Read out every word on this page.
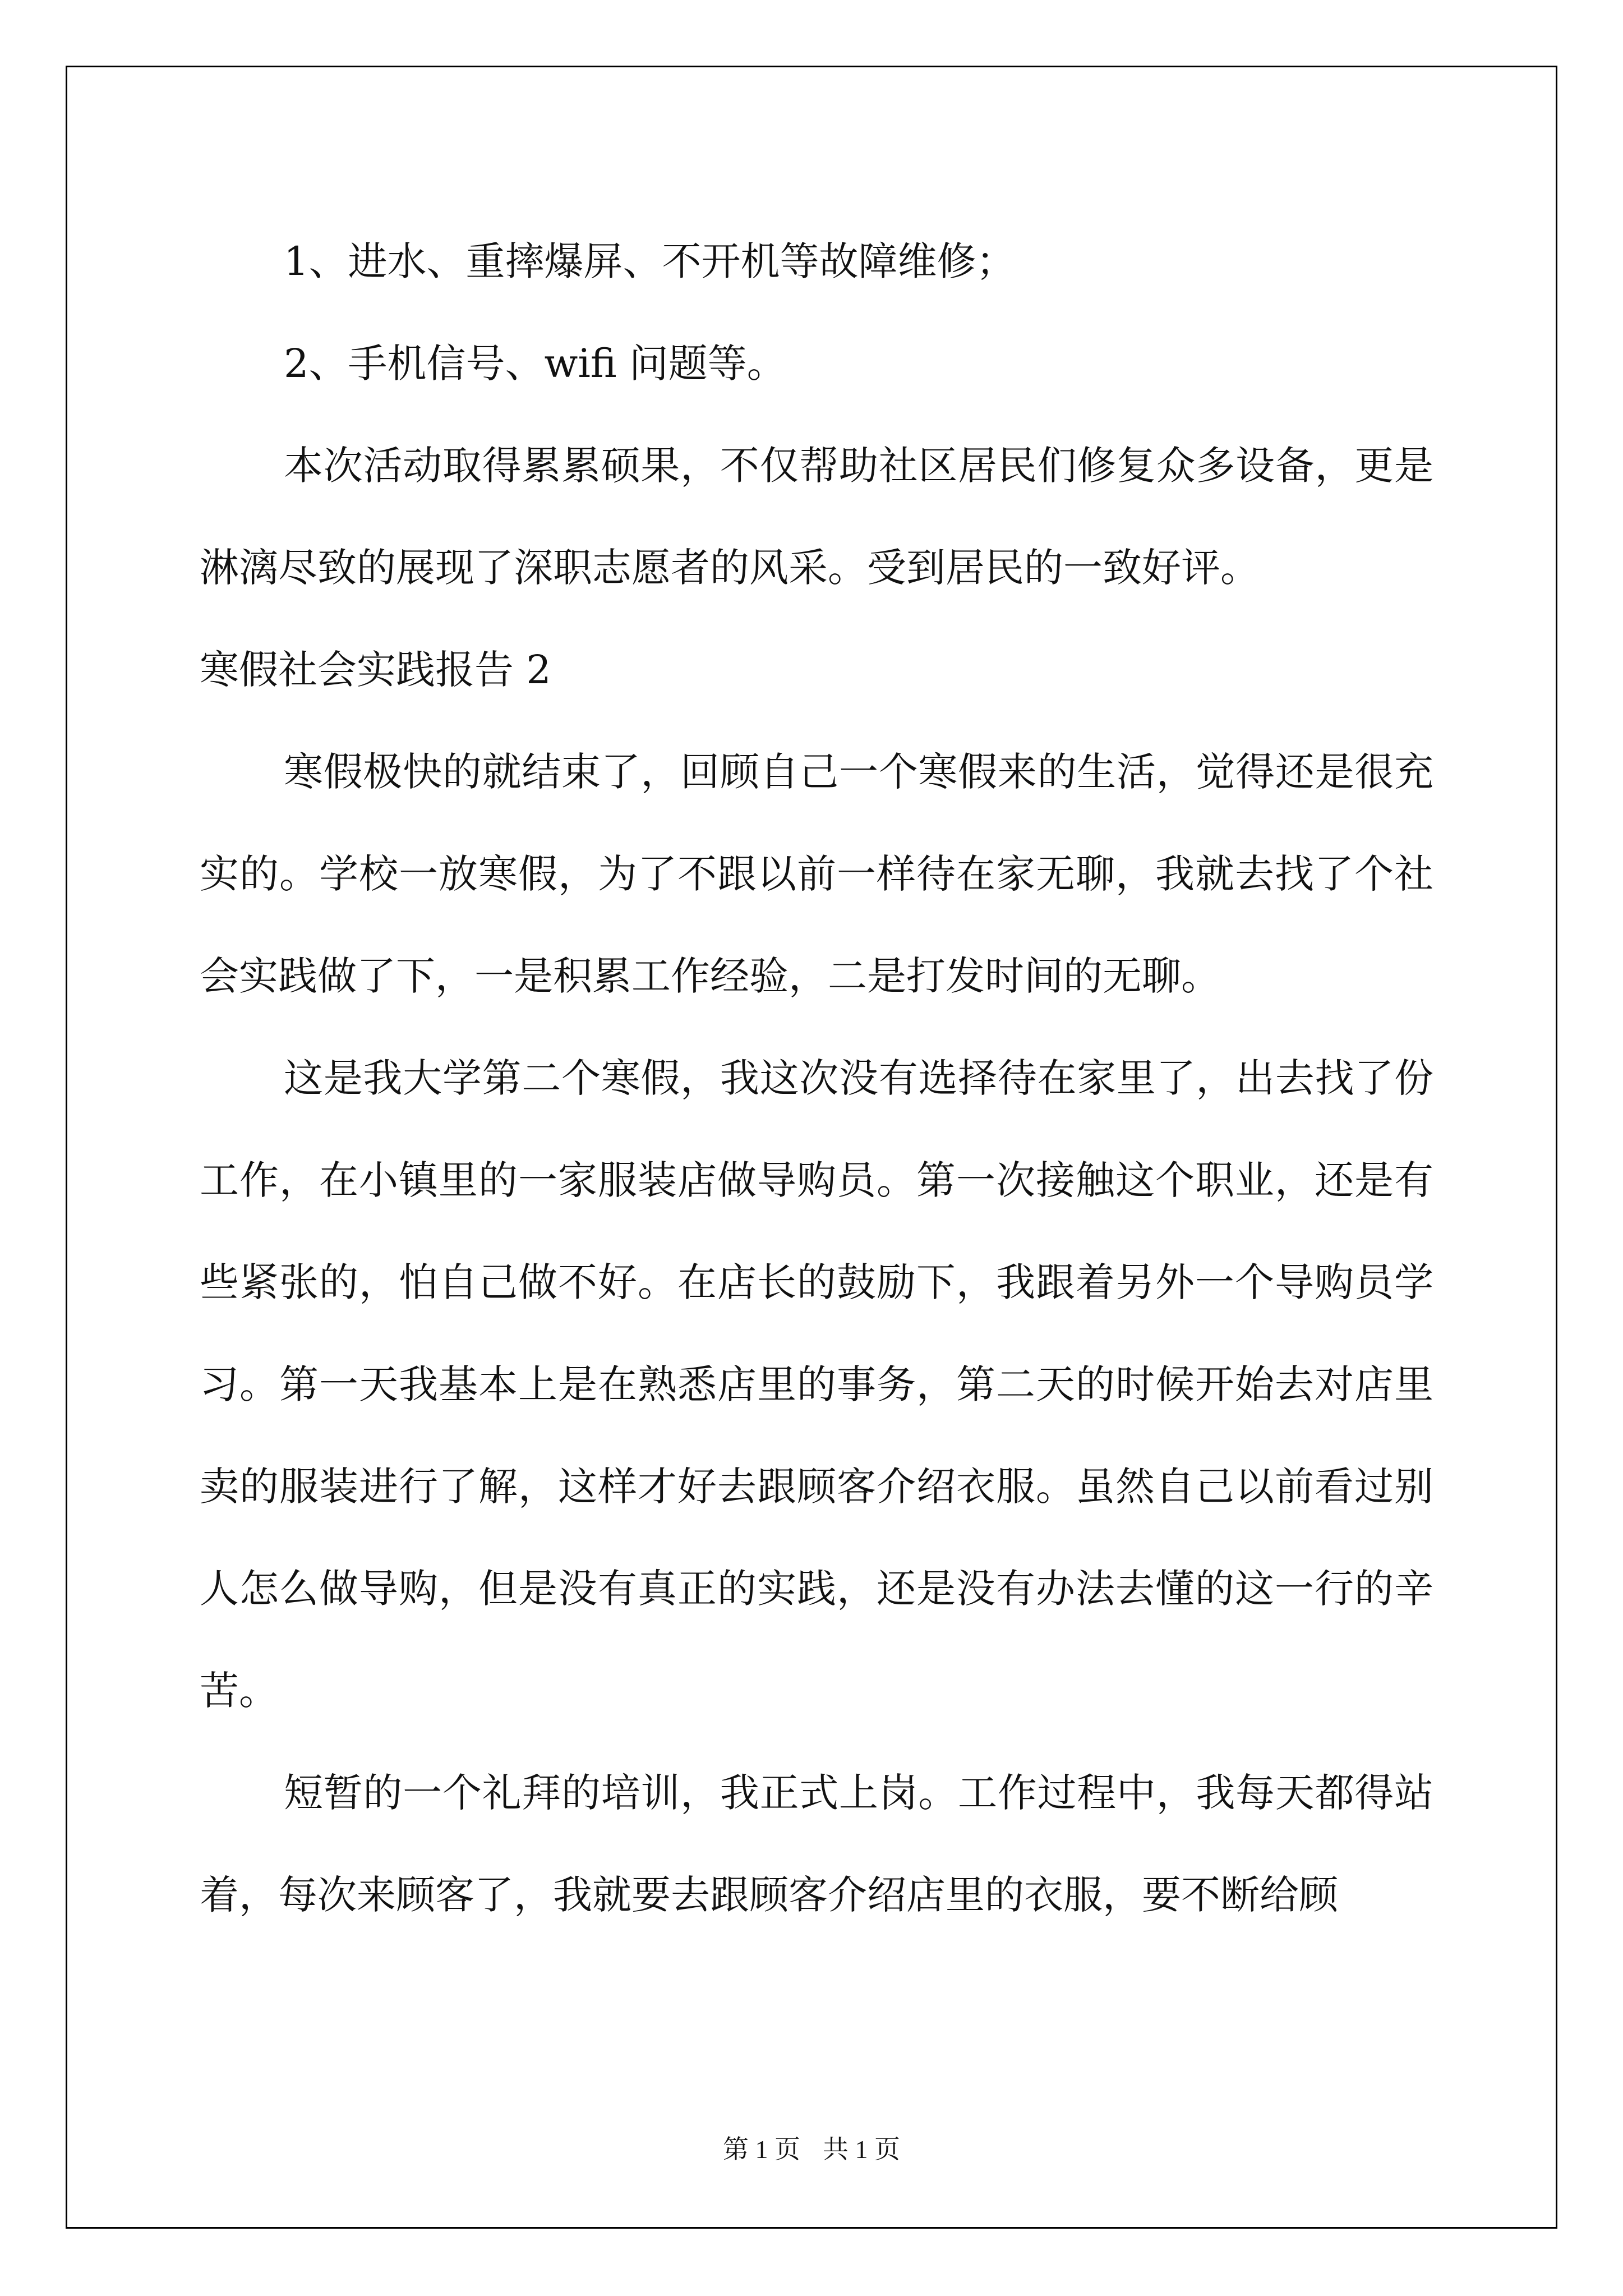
1、进水、重摔爆屏、不开机等故障维修；

2、手机信号、wifi 问题等。

本次活动取得累累硕果，不仅帮助社区居民们修复众多设备，更是淋漓尽致的展现了深职志愿者的风采。受到居民的一致好评。

寒假社会实践报告 2

寒假极快的就结束了，回顾自己一个寒假来的生活，觉得还是很充实的。学校一放寒假，为了不跟以前一样待在家无聊，我就去找了个社会实践做了下，一是积累工作经验，二是打发时间的无聊。

这是我大学第二个寒假，我这次没有选择待在家里了，出去找了份工作，在小镇里的一家服装店做导购员。第一次接触这个职业，还是有些紧张的，怕自己做不好。在店长的鼓励下，我跟着另外一个导购员学习。第一天我基本上是在熟悉店里的事务，第二天的时候开始去对店里卖的服装进行了解，这样才好去跟顾客介绍衣服。虽然自己以前看过别人怎么做导购，但是没有真正的实践，还是没有办法去懂的这一行的辛苦。

短暂的一个礼拜的培训，我正式上岗。工作过程中，我每天都得站着，每次来顾客了，我就要去跟顾客介绍店里的衣服，要不断给顾

第 1 页 共 1 页
